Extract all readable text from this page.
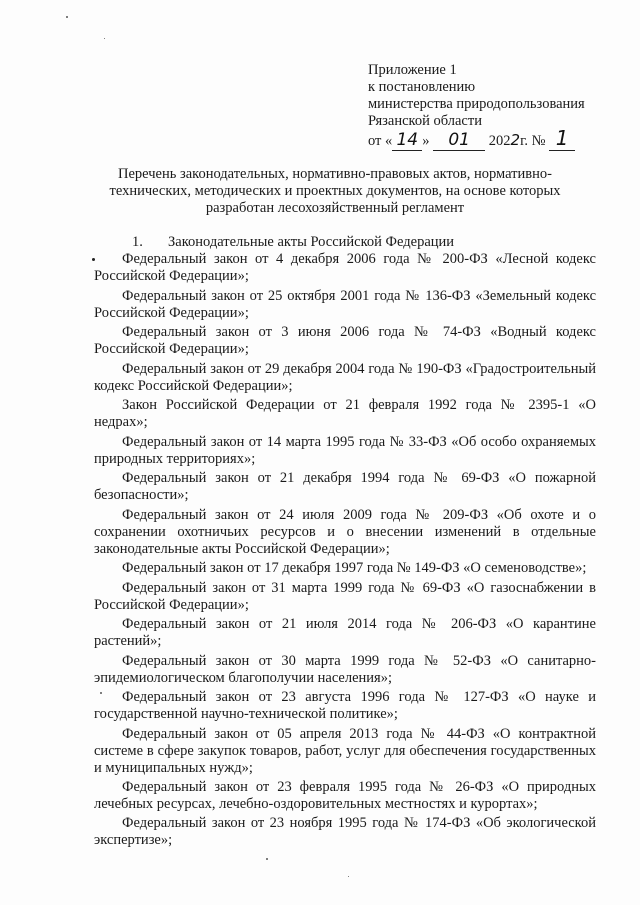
Приложение 1
к постановлению
министерства природопользования
Рязанской области
от « 14 » 01 2022г. № 1
Перечень законодательных, нормативно-правовых актов, нормативно-технических, методических и проектных документов, на основе которых разработан лесохозяйственный регламент
1. Законодательные акты Российской Федерации

Федеральный закон от 4 декабря 2006 года № 200-ФЗ «Лесной кодекс Российской Федерации»;

Федеральный закон от 25 октября 2001 года № 136-ФЗ «Земельный кодекс Российской Федерации»;

Федеральный закон от 3 июня 2006 года № 74-ФЗ «Водный кодекс Российской Федерации»;

Федеральный закон от 29 декабря 2004 года № 190-ФЗ «Градостроительный кодекс Российской Федерации»;

Закон Российской Федерации от 21 февраля 1992 года № 2395-1 «О недрах»;

Федеральный закон от 14 марта 1995 года № 33-ФЗ «Об особо охраняемых природных территориях»;

Федеральный закон от 21 декабря 1994 года № 69-ФЗ «О пожарной безопасности»;

Федеральный закон от 24 июля 2009 года № 209-ФЗ «Об охоте и о сохранении охотничьих ресурсов и о внесении изменений в отдельные законодательные акты Российской Федерации»;

Федеральный закон от 17 декабря 1997 года № 149-ФЗ «О семеноводстве»;

Федеральный закон от 31 марта 1999 года № 69-ФЗ «О газоснабжении в Российской Федерации»;

Федеральный закон от 21 июля 2014 года № 206-ФЗ «О карантине растений»;

Федеральный закон от 30 марта 1999 года № 52-ФЗ «О санитарно-эпидемиологическом благополучии населения»;

Федеральный закон от 23 августа 1996 года № 127-ФЗ «О науке и государственной научно-технической политике»;

Федеральный закон от 05 апреля 2013 года № 44-ФЗ «О контрактной системе в сфере закупок товаров, работ, услуг для обеспечения государственных и муниципальных нужд»;

Федеральный закон от 23 февраля 1995 года № 26-ФЗ «О природных лечебных ресурсах, лечебно-оздоровительных местностях и курортах»;

Федеральный закон от 23 ноября 1995 года № 174-ФЗ «Об экологической экспертизе»;
